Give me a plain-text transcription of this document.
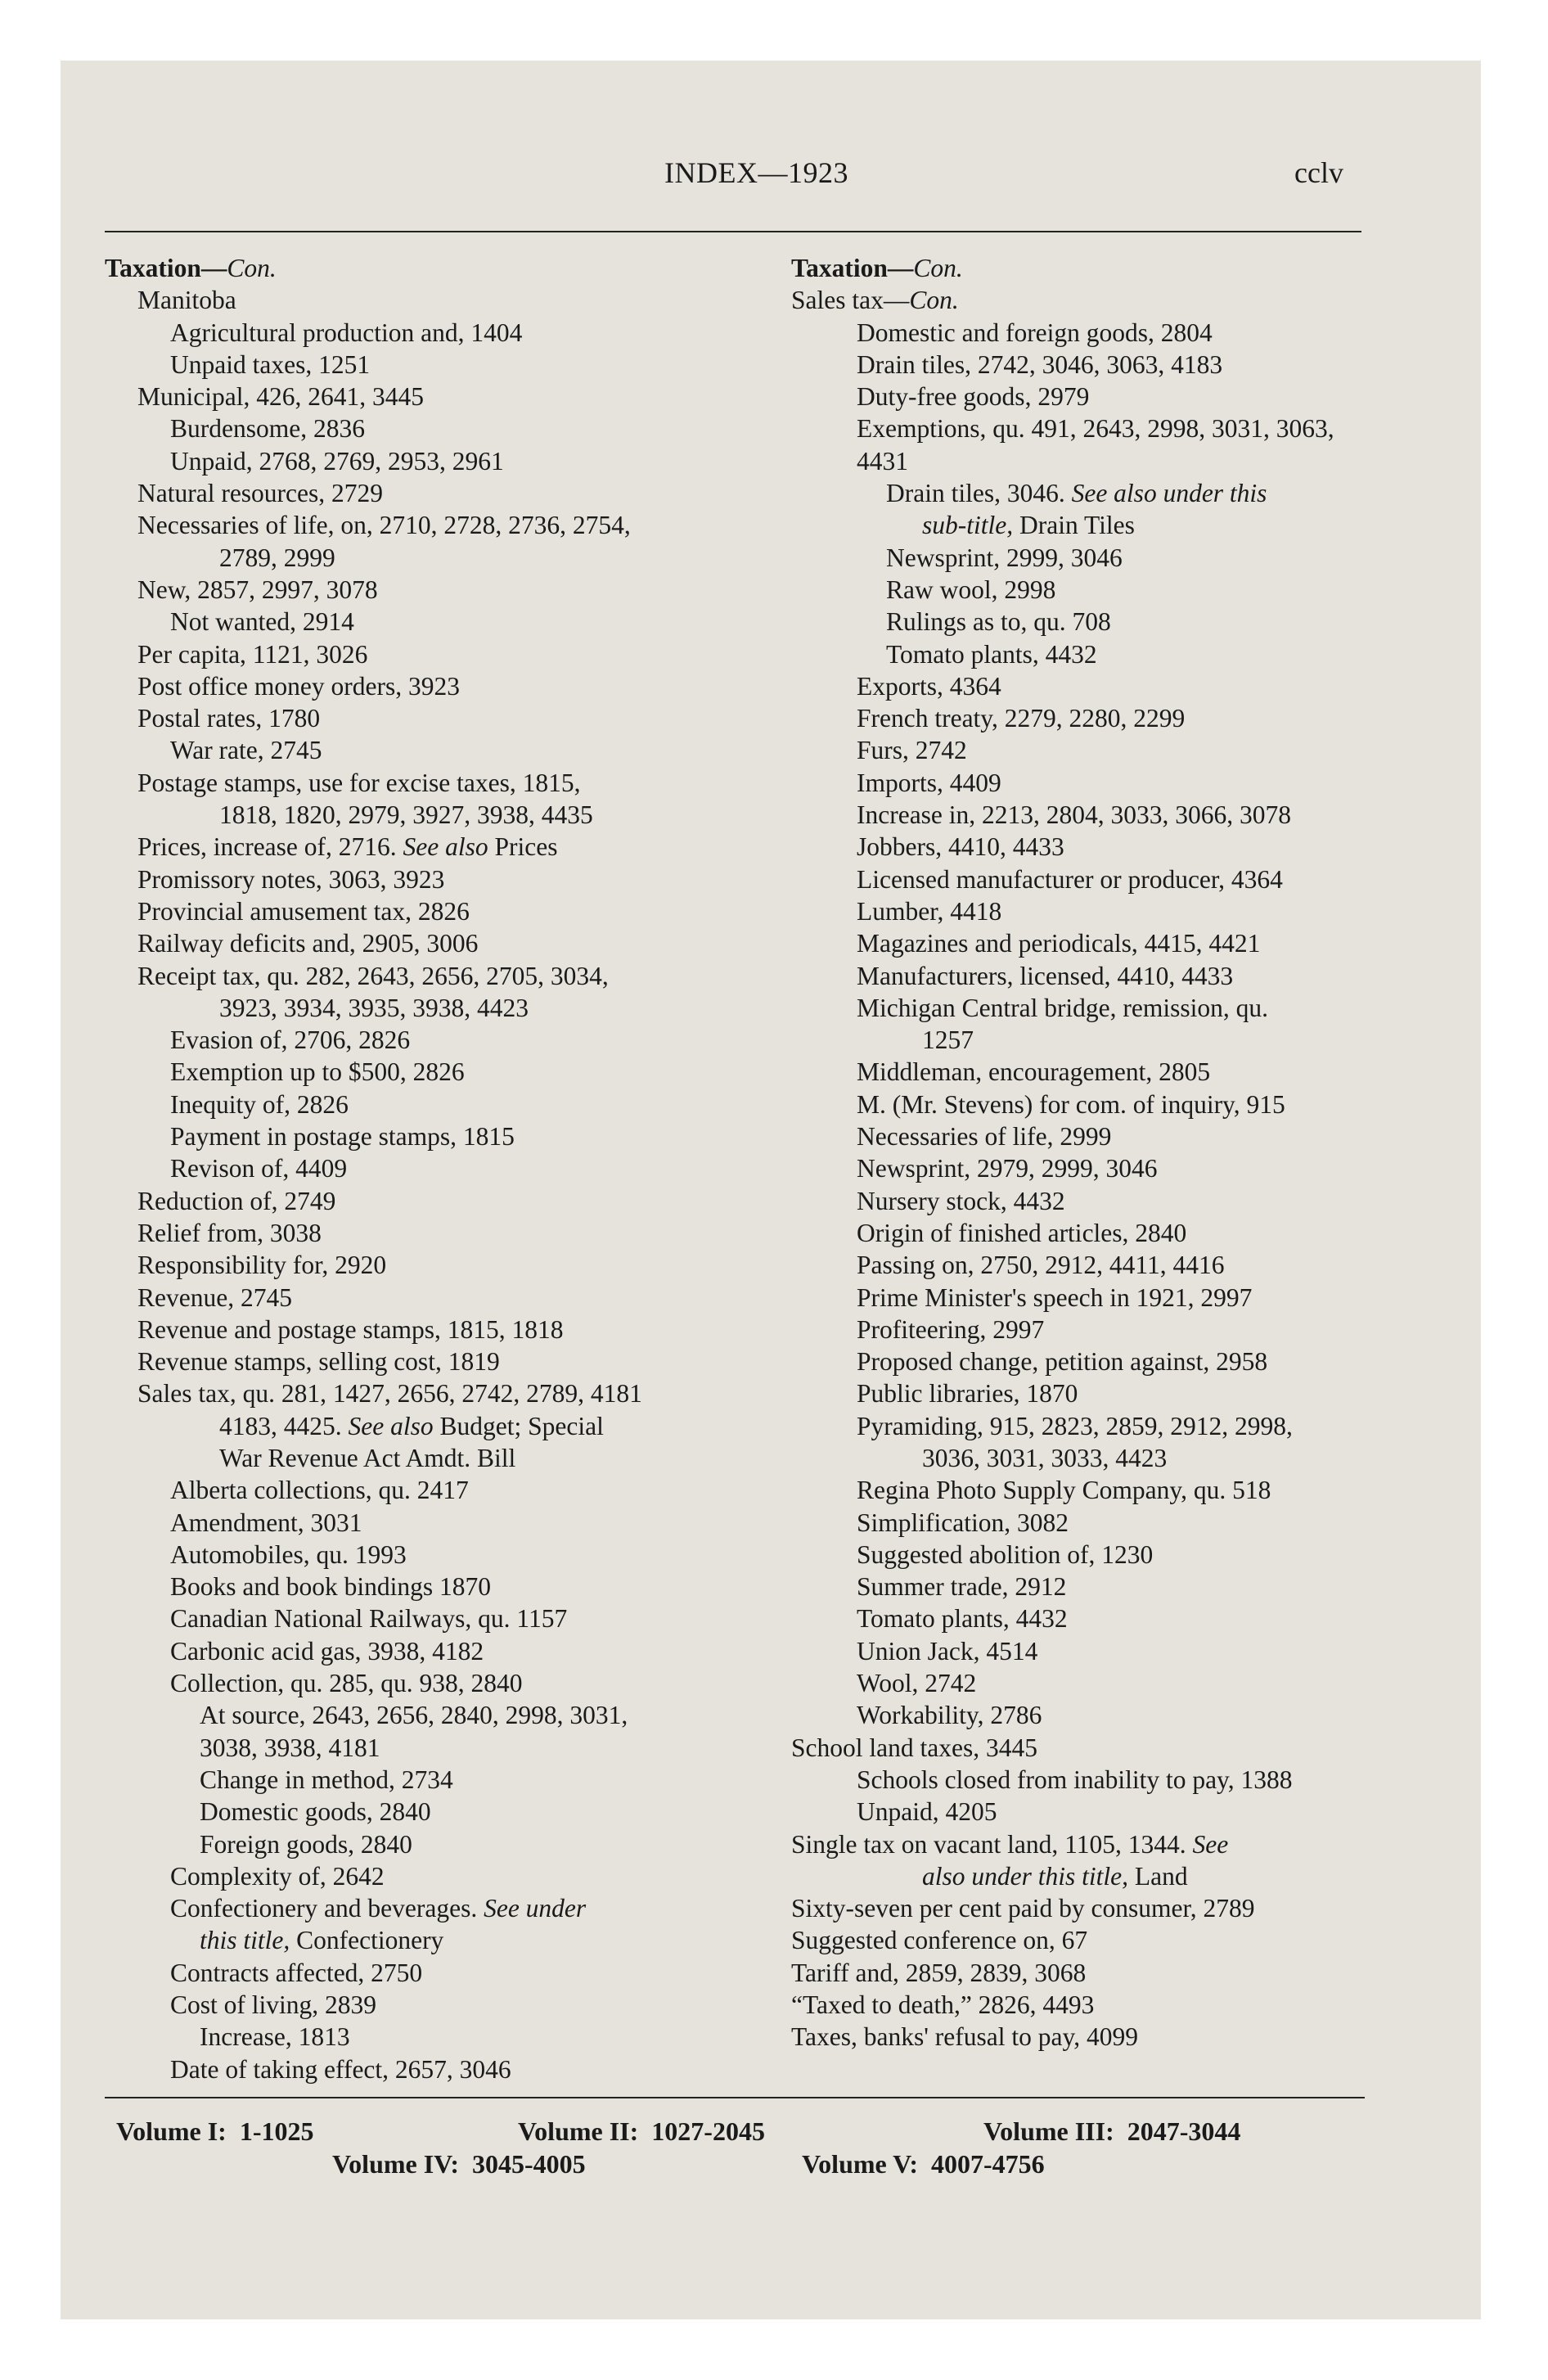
INDEX—1923	cclv
Taxation—Con.
Manitoba
Agricultural production and, 1404
Unpaid taxes, 1251
Municipal, 426, 2641, 3445
Burdensome, 2836
Unpaid, 2768, 2769, 2953, 2961
Natural resources, 2729
Necessaries of life, on, 2710, 2728, 2736, 2754,
2789, 2999
New, 2857, 2997, 3078
Not wanted, 2914
Per capita, 1121, 3026
Post office money orders, 3923
Postal rates, 1780
War rate, 2745
Postage stamps, use for excise taxes, 1815,
1818, 1820, 2979, 3927, 3938, 4435
Prices, increase of, 2716. See also Prices
Promissory notes, 3063, 3923
Provincial amusement tax, 2826
Railway deficits and, 2905, 3006
Receipt tax, qu. 282, 2643, 2656, 2705, 3034,
3923, 3934, 3935, 3938, 4423
Evasion of, 2706, 2826
Exemption up to $500, 2826
Inequity of, 2826
Payment in postage stamps, 1815
Revison of, 4409
Reduction of, 2749
Relief from, 3038
Responsibility for, 2920
Revenue, 2745
Revenue and postage stamps, 1815, 1818
Revenue stamps, selling cost, 1819
Sales tax, qu. 281, 1427, 2656, 2742, 2789, 4181
4183, 4425. See also Budget; Special
War Revenue Act Amdt. Bill
Alberta collections, qu. 2417
Amendment, 3031
Automobiles, qu. 1993
Books and book bindings 1870
Canadian National Railways, qu. 1157
Carbonic acid gas, 3938, 4182
Collection, qu. 285, qu. 938, 2840
At source, 2643, 2656, 2840, 2998, 3031,
3038, 3938, 4181
Change in method, 2734
Domestic goods, 2840
Foreign goods, 2840
Complexity of, 2642
Confectionery and beverages. See under
this title, Confectionery
Contracts affected, 2750
Cost of living, 2839
Increase, 1813
Date of taking effect, 2657, 3046
Taxation—Con.
Sales tax—Con.
Domestic and foreign goods, 2804
Drain tiles, 2742, 3046, 3063, 4183
Duty-free goods, 2979
Exemptions, qu. 491, 2643, 2998, 3031, 3063,
4431
Drain tiles, 3046. See also under this
sub-title, Drain Tiles
Newsprint, 2999, 3046
Raw wool, 2998
Rulings as to, qu. 708
Tomato plants, 4432
Exports, 4364
French treaty, 2279, 2280, 2299
Furs, 2742
Imports, 4409
Increase in, 2213, 2804, 3033, 3066, 3078
Jobbers, 4410, 4433
Licensed manufacturer or producer, 4364
Lumber, 4418
Magazines and periodicals, 4415, 4421
Manufacturers, licensed, 4410, 4433
Michigan Central bridge, remission, qu.
1257
Middleman, encouragement, 2805
M. (Mr. Stevens) for com. of inquiry, 915
Necessaries of life, 2999
Newsprint, 2979, 2999, 3046
Nursery stock, 4432
Origin of finished articles, 2840
Passing on, 2750, 2912, 4411, 4416
Prime Minister's speech in 1921, 2997
Profiteering, 2997
Proposed change, petition against, 2958
Public libraries, 1870
Pyramiding, 915, 2823, 2859, 2912, 2998,
3036, 3031, 3033, 4423
Regina Photo Supply Company, qu. 518
Simplification, 3082
Suggested abolition of, 1230
Summer trade, 2912
Tomato plants, 4432
Union Jack, 4514
Wool, 2742
Workability, 2786
School land taxes, 3445
Schools closed from inability to pay, 1388
Unpaid, 4205
Single tax on vacant land, 1105, 1344. See
also under this title, Land
Sixty-seven per cent paid by consumer, 2789
Suggested conference on, 67
Tariff and, 2859, 2839, 3068
“Taxed to death,” 2826, 4493
Taxes, banks' refusal to pay, 4099
Volume I: 1-1025	Volume II: 1027-2045	Volume III: 2047-3044
Volume IV: 3045-4005	Volume V: 4007-4756
